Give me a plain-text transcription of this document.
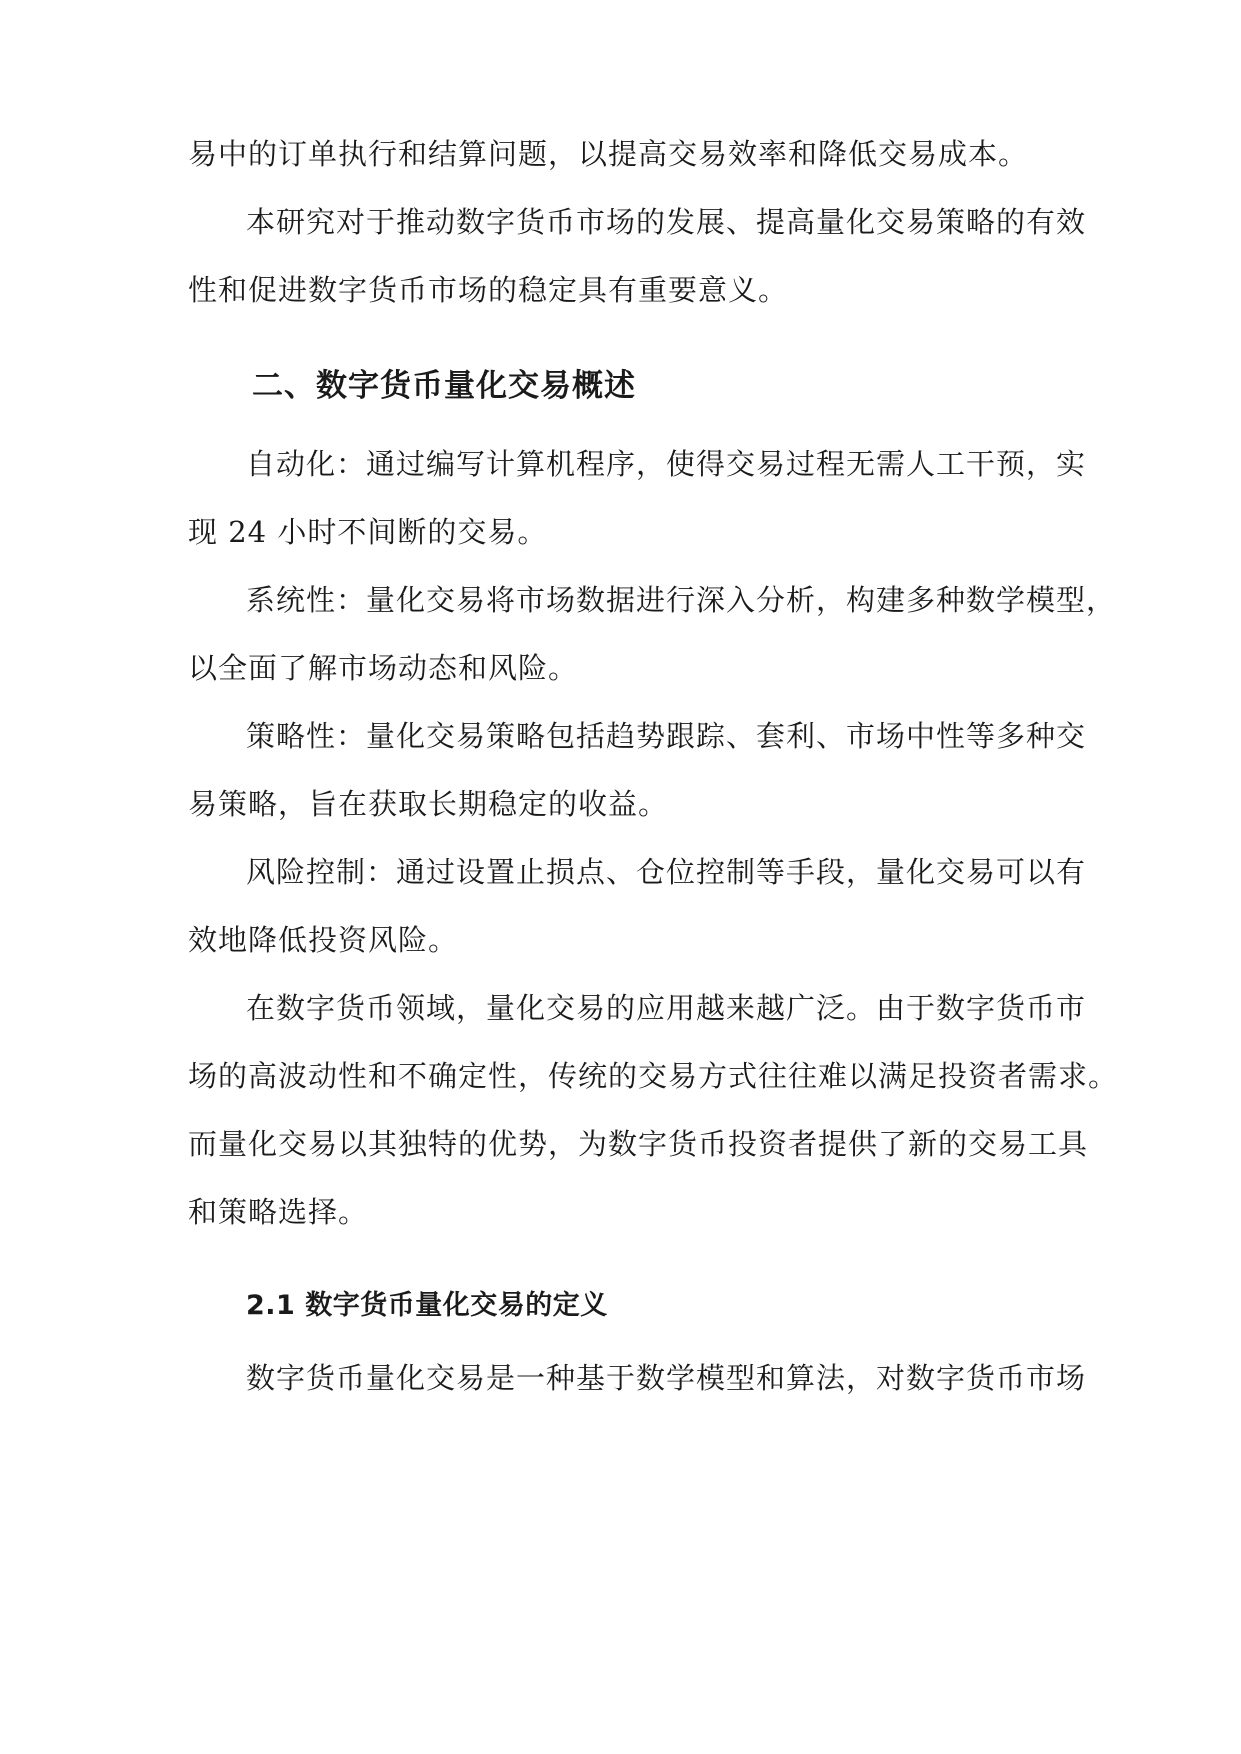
易中的订单执行和结算问题，以提高交易效率和降低交易成本。
本研究对于推动数字货币市场的发展、提高量化交易策略的有效
性和促进数字货币市场的稳定具有重要意义。
二、数字货币量化交易概述
自动化：通过编写计算机程序，使得交易过程无需人工干预，实
现 24 小时不间断的交易。
系统性：量化交易将市场数据进行深入分析，构建多种数学模型，
以全面了解市场动态和风险。
策略性：量化交易策略包括趋势跟踪、套利、市场中性等多种交
易策略，旨在获取长期稳定的收益。
风险控制：通过设置止损点、仓位控制等手段，量化交易可以有
效地降低投资风险。
在数字货币领域，量化交易的应用越来越广泛。由于数字货币市
场的高波动性和不确定性，传统的交易方式往往难以满足投资者需求。
而量化交易以其独特的优势，为数字货币投资者提供了新的交易工具
和策略选择。
2.1 数字货币量化交易的定义
数字货币量化交易是一种基于数学模型和算法，对数字货币市场
